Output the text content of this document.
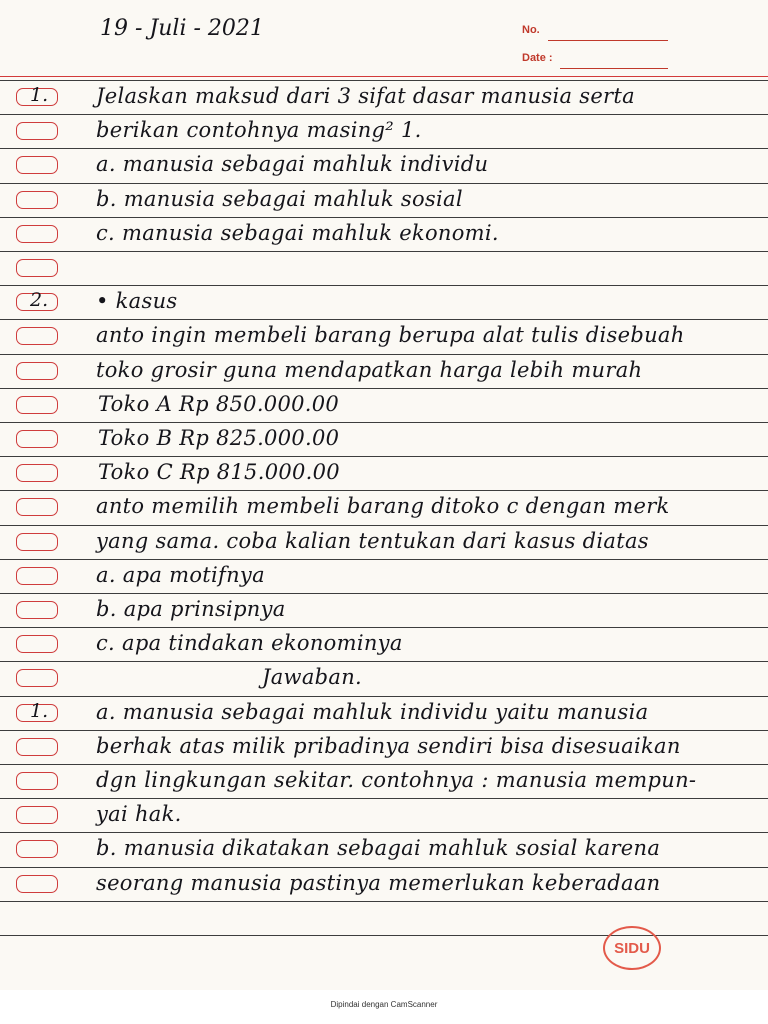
19 - Juli - 2021	No.
Date :
1. Jelaskan maksud dari 3 sifat dasar manusia serta
berikan contohnya masing² 1.
a. manusia sebagai mahluk individu
b. manusia sebagai mahluk sosial
c. manusia sebagai mahluk ekonomi.
2. • kasus
anto ingin membeli barang berupa alat tulis disebuah
toko grosir guna mendapatkan harga lebih murah
Toko A Rp 850.000.00
Toko B Rp 825.000.00
Toko C Rp 815.000.00
anto memilih membeli barang ditoko c dengan merk
yang sama. coba kalian tentukan dari kasus diatas
a. apa motifnya
b. apa prinsipnya
c. apa tindakan ekonominya
Jawaban.
1. a. manusia sebagai mahluk individu yaitu manusia
berhak atas milik pribadinya sendiri bisa disesuaikan
dgn lingkungan sekitar. contohnya : manusia mempun-
yai hak.
b. manusia dikatakan sebagai mahluk sosial karena
seorang manusia pastinya memerlukan keberadaan
SIDU
Dipindai dengan CamScanner
